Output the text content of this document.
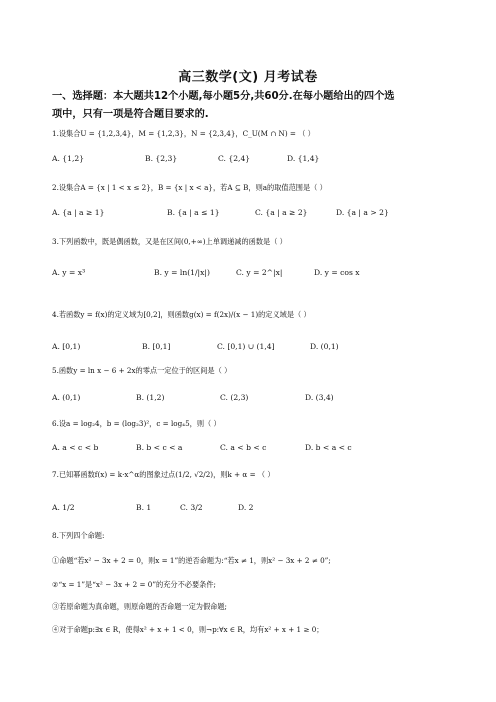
高三数学(文) 月考试卷
一、选择题：本大题共12个小题,每小题5分,共60分.在每小题给出的四个选
项中，只有一项是符合题目要求的.
1.设集合U = {1,2,3,4}，M = {1,2,3}，N = {2,3,4}，C_U(M ∩ N) = （ ）
A. {1,2}	B. {2,3}	C. {2,4}	D. {1,4}
2.设集合A = {x | 1 < x ≤ 2}，B = {x | x < a}，若A ⊆ B，则a的取值范围是（ ）
A. {a | a ≥ 1}	B. {a | a ≤ 1}	C. {a | a ≥ 2}	D. {a | a > 2}
3.下列函数中，既是偶函数，又是在区间(0,+∞)上单调递减的函数是（ ）
A. y = x³	B. y = ln(1/|x|)	C. y = 2^|x|	D. y = cos x
4.若函数y = f(x)的定义域为[0,2]，则函数g(x) = f(2x)/(x − 1)的定义域是（ ）
A. [0,1)	B. [0,1]	C. [0,1) ∪ (1,4]	D. (0,1)
5.函数y = ln x − 6 + 2x的零点一定位于的区间是（ ）
A. (0,1)	B. (1,2)	C. (2,3)	D. (3,4)
6.设a = log₂4，b = (log₂3)²，c = log₄5，则（ ）
A. a < c < b	B. b < c < a	C. a < b < c	D. b < a < c
7.已知幂函数f(x) = k·x^α的图象过点(1/2, √2/2)，则k + α = （ ）
A. 1/2	B. 1	C. 3/2	D. 2
8.下列四个命题:
①命题“若x² − 3x + 2 = 0，则x = 1”的逆否命题为:“若x ≠ 1，则x² − 3x + 2 ≠ 0”;
②“x = 1”是“x² − 3x + 2 = 0”的充分不必要条件;
③若原命题为真命题，则原命题的否命题一定为假命题;
④对于命题p:∃x ∈ R，使得x² + x + 1 < 0，则¬p:∀x ∈ R，均有x² + x + 1 ≥ 0；
